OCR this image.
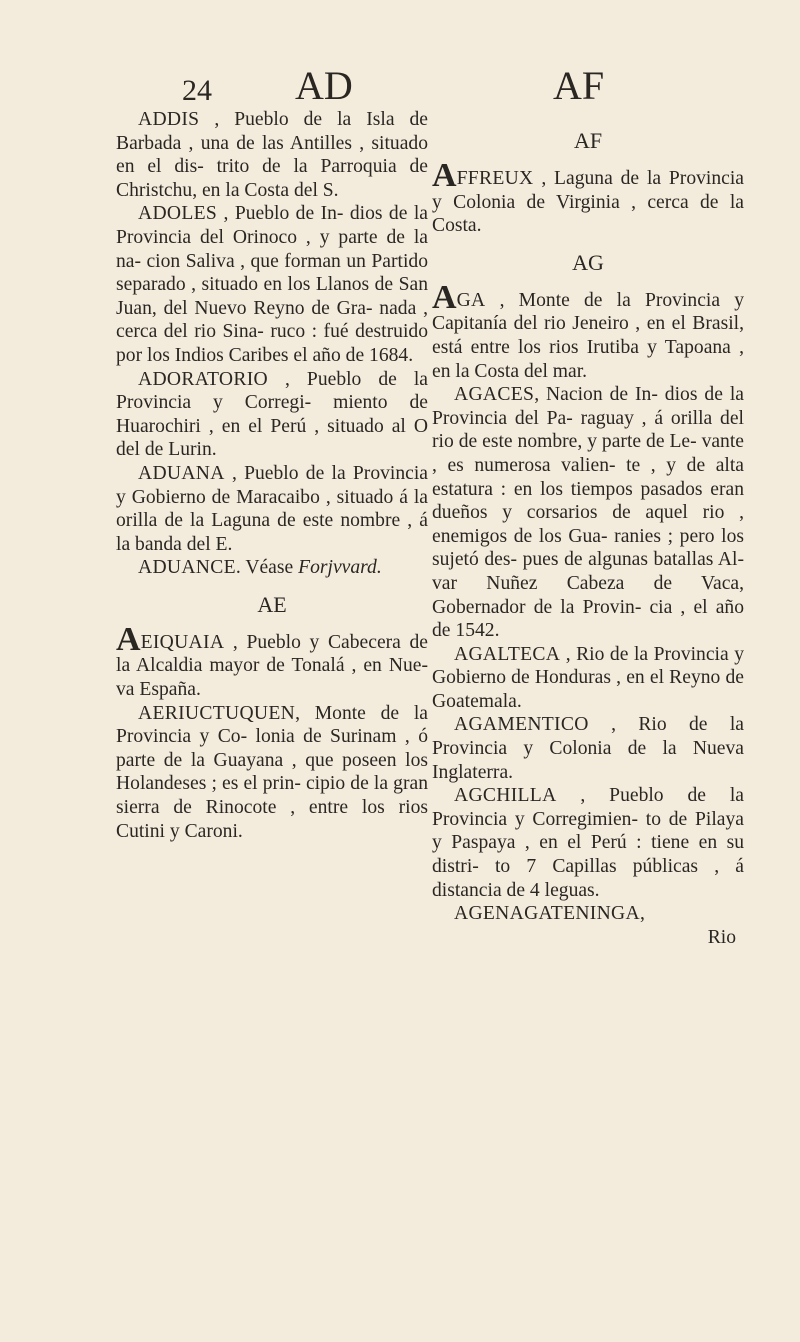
24 AD	AF

ADDIS , Pueblo de la Isla de Barbada , una de las Antilles , situado en el dis- trito de la Parroquia de Christchu, en la Costa del S.

ADOLES , Pueblo de In- dios de la Provincia del Orinoco , y parte de la na- cion Saliva , que forman un Partido separado , situado en los Llanos de San Juan, del Nuevo Reyno de Gra- nada , cerca del rio Sina- ruco : fué destruido por los Indios Caribes el año de 1684.

ADORATORIO , Pueblo de la Provincia y Corregi- miento de Huarochiri , en el Perú , situado al O del de Lurin.

ADUANA , Pueblo de la Provincia y Gobierno de Maracaibo , situado á la orilla de la Laguna de este nombre , á la banda del E.

ADUANCE. Véase Forjvvard.

AE

AEIQUAIA , Pueblo y Cabecera de la Alcaldia mayor de Tonalá , en Nue- va España.

AERIUCTUQUEN, Monte de la Provincia y Co- lonia de Surinam , ó parte de la Guayana , que poseen los Holandeses ; es el prin- cipio de la gran sierra de Rinocote , entre los rios Cutini y Caroni.

AF

AFFREUX , Laguna de la Provincia y Colonia de Virginia , cerca de la Costa.

AG

AGA , Monte de la Provincia y Capitanía del rio Jeneiro , en el Brasil, está entre los rios Irutiba y Tapoana , en la Costa del mar.

AGACES, Nacion de In- dios de la Provincia del Pa- raguay , á orilla del rio de este nombre, y parte de Le- vante , es numerosa valien- te , y de alta estatura : en los tiempos pasados eran dueños y corsarios de aquel rio , enemigos de los Gua- ranies ; pero los sujetó des- pues de algunas batallas Al- var Nuñez Cabeza de Vaca, Gobernador de la Provin- cia , el año de 1542.

AGALTECA , Rio de la Provincia y Gobierno de Honduras , en el Reyno de Goatemala.

AGAMENTICO , Rio de la Provincia y Colonia de la Nueva Inglaterra.

AGCHILLA , Pueblo de la Provincia y Corregimien- to de Pilaya y Paspaya , en el Perú : tiene en su distri- to 7 Capillas públicas , á distancia de 4 leguas.

AGENAGATENINGA,

Rio
